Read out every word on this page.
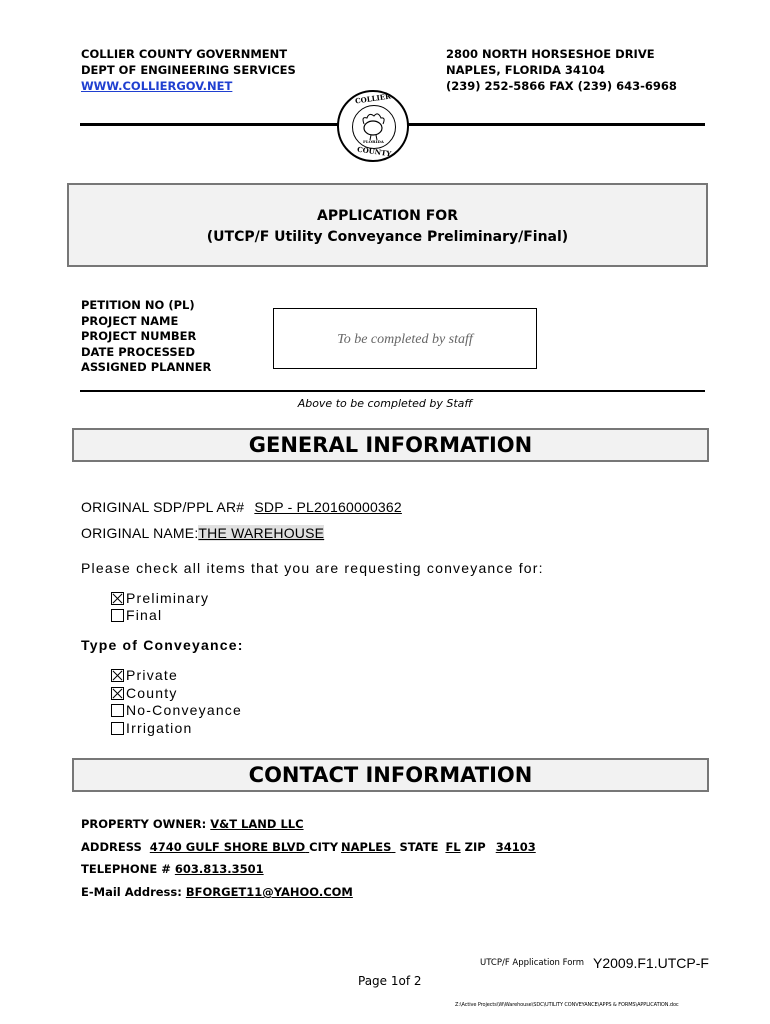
COLLIER COUNTY GOVERNMENT
DEPT OF ENGINEERING SERVICES
WWW.COLLIERGOV.NET
2800 NORTH HORSESHOE DRIVE
NAPLES, FLORIDA 34104
(239) 252-5866 FAX (239) 643-6968
COLLIER
COUNTY
FLORIDA
APPLICATION FOR
(UTCP/F Utility Conveyance Preliminary/Final)
PETITION NO (PL)
PROJECT NAME
PROJECT NUMBER
DATE PROCESSED
ASSIGNED PLANNER
To be completed by staff
Above to be completed by Staff
GENERAL INFORMATION
ORIGINAL SDP/PPL AR# SDP - PL20160000362
ORIGINAL NAME:THE WAREHOUSE
Please check all items that you are requesting conveyance for:
Preliminary
Final
Type of Conveyance:
Private
County
No-Conveyance
Irrigation
CONTACT INFORMATION
PROPERTY OWNER: V&T LAND LLC
ADDRESS 4740 GULF SHORE BLVD CITY NAPLES STATE FL ZIP 34103
TELEPHONE # 603.813.3501
E-Mail Address: BFORGET11@YAHOO.COM
UTCP/F Application Form Y2009.F1.UTCP-F
Page 1of 2
Z:\Active Projects\W\Warehouse\SDC\UTILITY CONVEYANCE\APPS & FORMS\APPLICATION.doc
